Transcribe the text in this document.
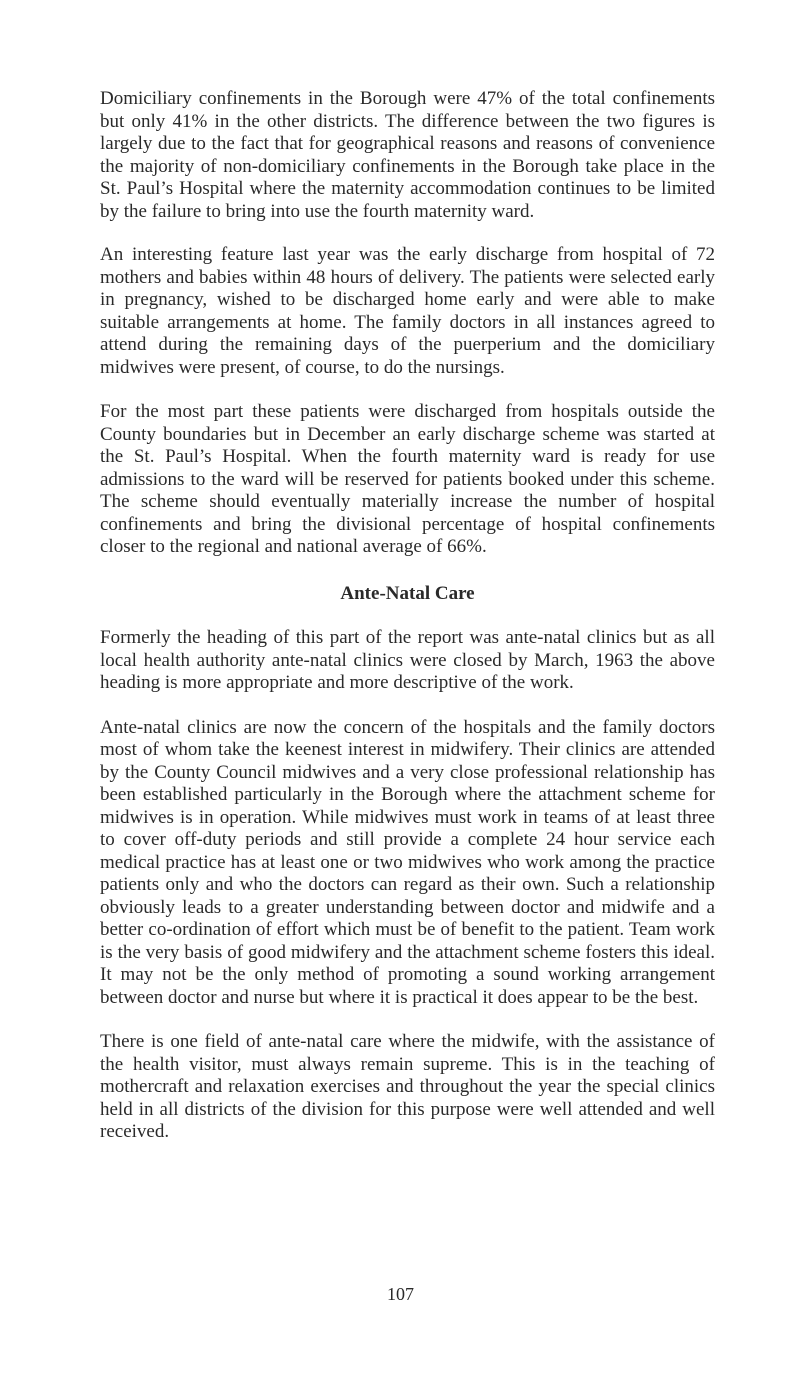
Domiciliary confinements in the Borough were 47% of the total confinements but only 41% in the other districts. The difference between the two figures is largely due to the fact that for geographical reasons and reasons of convenience the majority of non-domiciliary confinements in the Borough take place in the St. Paul’s Hospital where the maternity accommodation continues to be limited by the failure to bring into use the fourth maternity ward.

An interesting feature last year was the early discharge from hospital of 72 mothers and babies within 48 hours of delivery. The patients were selected early in pregnancy, wished to be discharged home early and were able to make suitable arrangements at home. The family doctors in all instances agreed to attend during the remaining days of the puerperium and the domiciliary midwives were present, of course, to do the nursings.

For the most part these patients were discharged from hospitals outside the County boundaries but in December an early discharge scheme was started at the St. Paul’s Hospital. When the fourth maternity ward is ready for use admissions to the ward will be reserved for patients booked under this scheme. The scheme should eventually materially increase the number of hospital confinements and bring the divisional percentage of hospital confinements closer to the regional and national average of 66%.

Ante-Natal Care

Formerly the heading of this part of the report was ante-natal clinics but as all local health authority ante-natal clinics were closed by March, 1963 the above heading is more appropriate and more descriptive of the work.

Ante-natal clinics are now the concern of the hospitals and the family doctors most of whom take the keenest interest in midwifery. Their clinics are attended by the County Council midwives and a very close professional relationship has been established particularly in the Borough where the attachment scheme for midwives is in operation. While midwives must work in teams of at least three to cover off-duty periods and still provide a complete 24 hour service each medical practice has at least one or two midwives who work among the practice patients only and who the doctors can regard as their own. Such a relationship obviously leads to a greater understanding between doctor and midwife and a better co-ordination of effort which must be of benefit to the patient. Team work is the very basis of good midwifery and the attachment scheme fosters this ideal. It may not be the only method of promoting a sound working arrangement between doctor and nurse but where it is practical it does appear to be the best.

There is one field of ante-natal care where the midwife, with the assistance of the health visitor, must always remain supreme. This is in the teaching of mothercraft and relaxation exercises and throughout the year the special clinics held in all districts of the division for this purpose were well attended and well received.

107
